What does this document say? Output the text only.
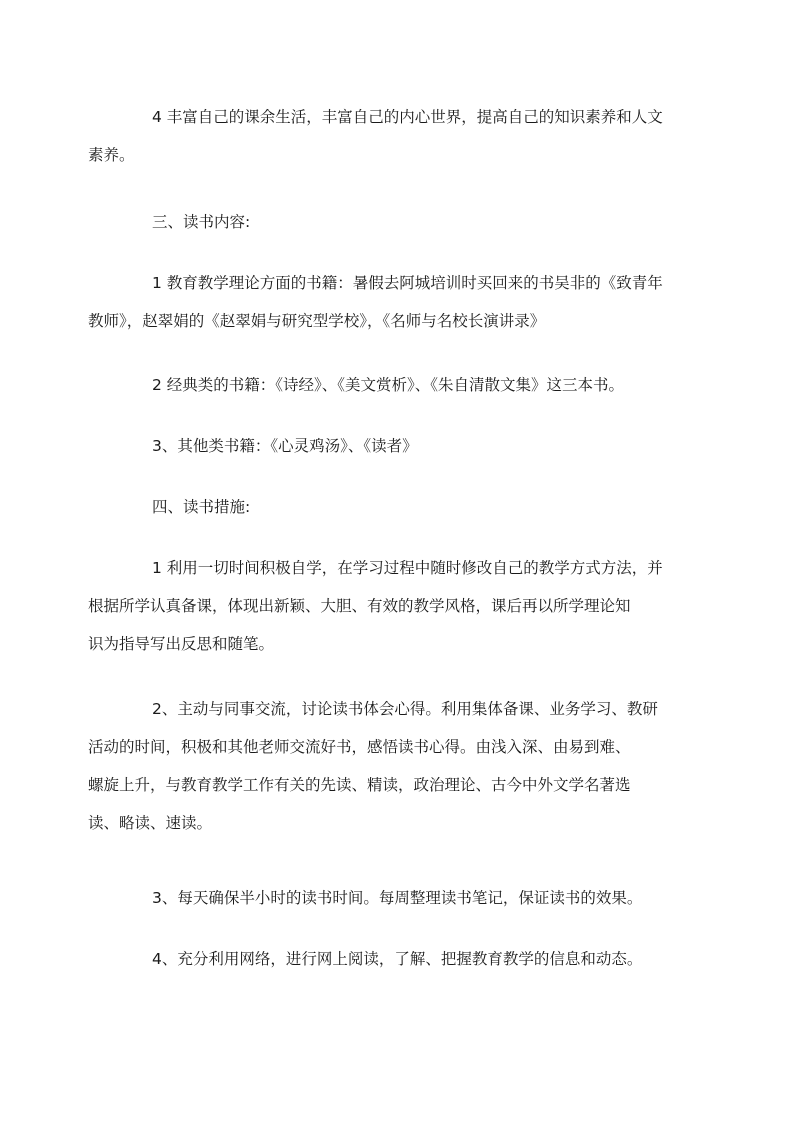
4 丰富自己的课余生活，丰富自己的内心世界，提高自己的知识素养和人文
素养。

三、读书内容:

1 教育教学理论方面的书籍：暑假去阿城培训时买回来的书吴非的《致青年
教师》，赵翠娟的《赵翠娟与研究型学校》，《名师与名校长演讲录》

2 经典类的书籍：《诗经》、《美文赏析》、《朱自清散文集》这三本书。

3、其他类书籍：《心灵鸡汤》、《读者》

四、读书措施:

1 利用一切时间积极自学，在学习过程中随时修改自己的教学方式方法，并
根据所学认真备课，体现出新颖、大胆、有效的教学风格，课后再以所学理论知
识为指导写出反思和随笔。

2、主动与同事交流，讨论读书体会心得。利用集体备课、业务学习、教研
活动的时间，积极和其他老师交流好书，感悟读书心得。由浅入深、由易到难、
螺旋上升，与教育教学工作有关的先读、精读，政治理论、古今中外文学名著选
读、略读、速读。

3、每天确保半小时的读书时间。每周整理读书笔记，保证读书的效果。

4、充分利用网络，进行网上阅读，了解、把握教育教学的信息和动态。
